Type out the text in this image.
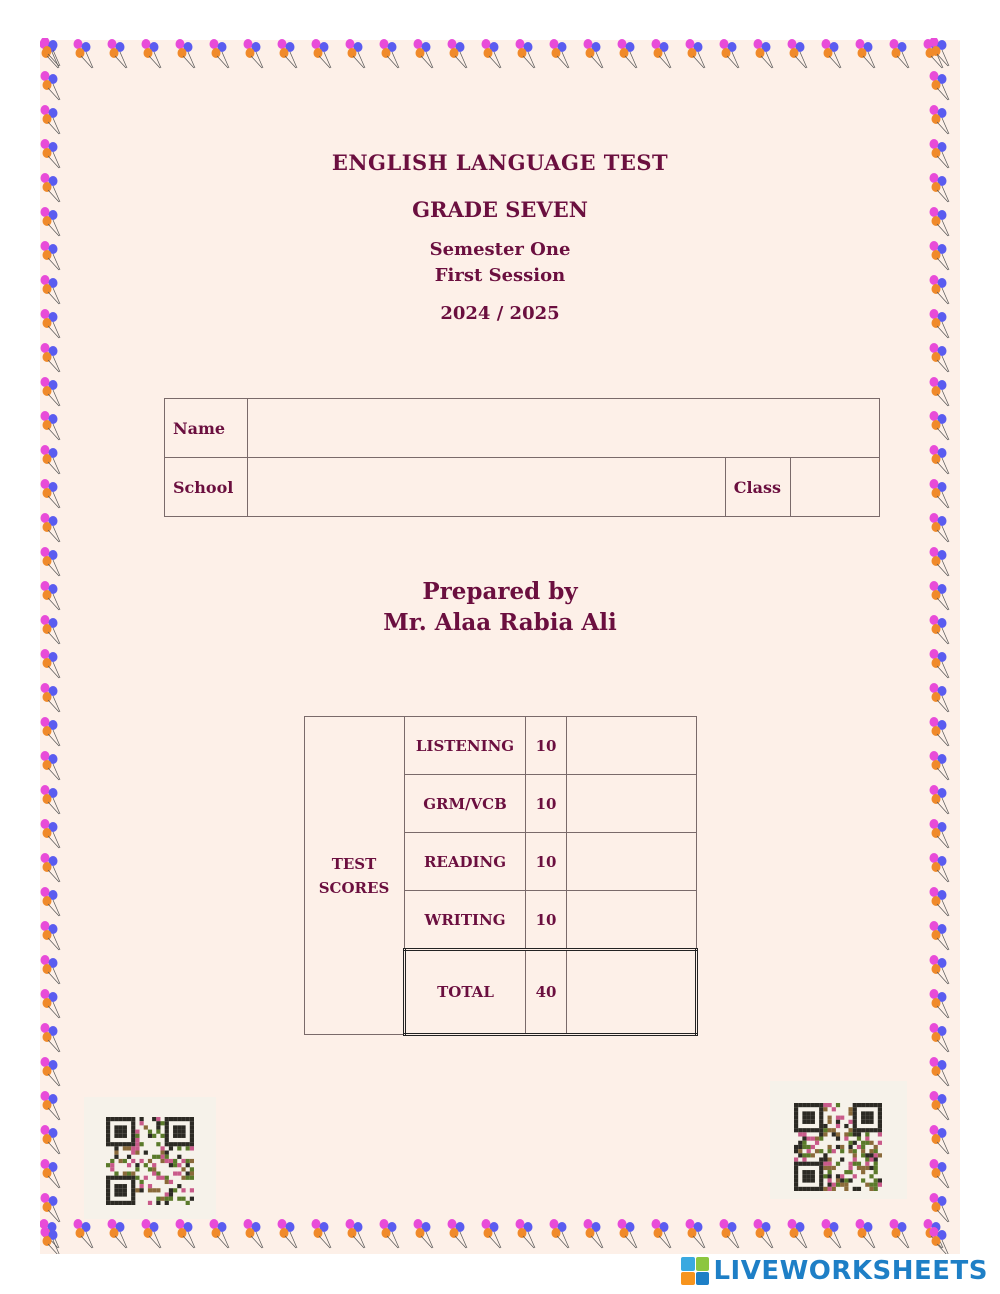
ENGLISH LANGUAGE TEST
GRADE SEVEN
Semester One
First Session
2024 / 2025
Name			
School		Class	
Prepared by
Mr. Alaa Rabia Ali
TEST
SCORES	LISTENING	10	
	GRM/VCB	10	
	READING	10	
	WRITING	10	
	TOTAL	40	
LIVEWORKSHEETS
